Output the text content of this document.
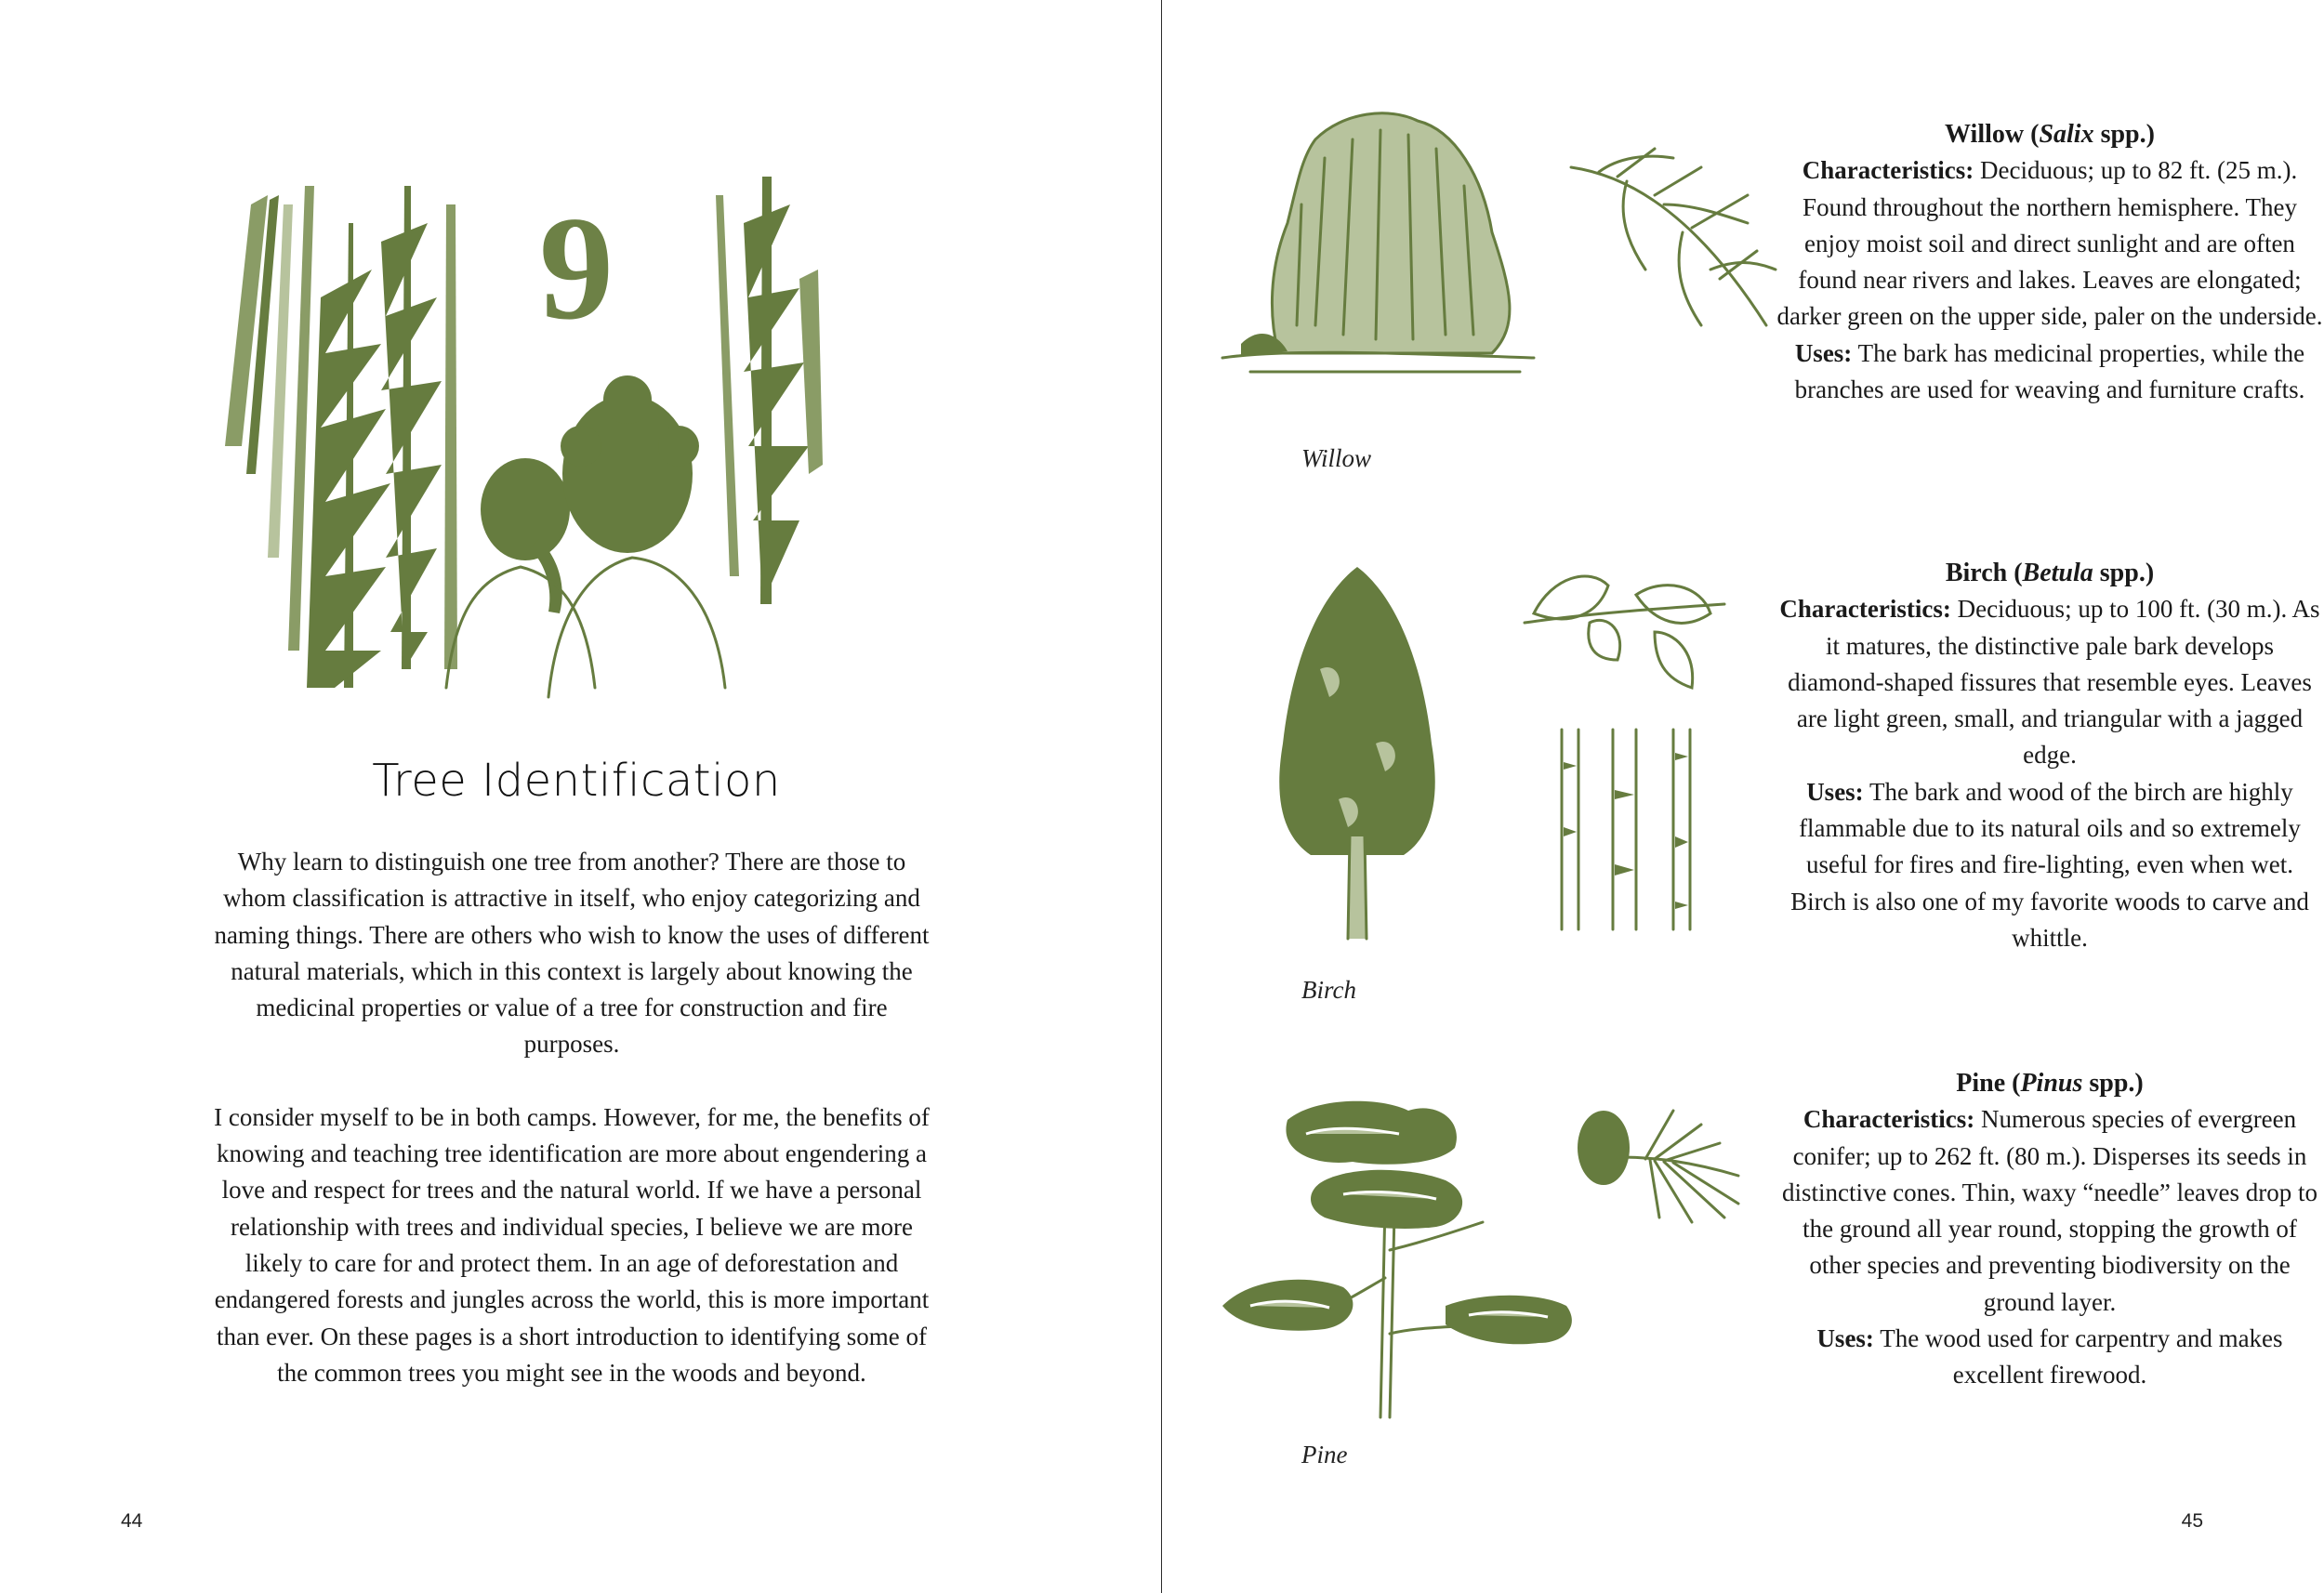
9
Tree Identification

Why learn to distinguish one tree from another? There are those to whom classification is attractive in itself, who enjoy categorizing and naming things. There are others who wish to know the uses of different natural materials, which in this context is largely about knowing the medicinal properties or value of a tree for construction and fire purposes.

I consider myself to be in both camps. However, for me, the benefits of knowing and teaching tree identification are more about engendering a love and respect for trees and the natural world. If we have a personal relationship with trees and individual species, I believe we are more likely to care for and protect them. In an age of deforestation and endangered forests and jungles across the world, this is more important than ever. On these pages is a short introduction to identifying some of the common trees you might see in the woods and beyond.

44
Willow
Willow (Salix spp.)
Characteristics: Deciduous; up to 82 ft. (25 m.). Found throughout the northern hemisphere. They enjoy moist soil and direct sunlight and are often found near rivers and lakes. Leaves are elongated; darker green on the upper side, paler on the underside.
Uses: The bark has medicinal properties, while the branches are used for weaving and furniture crafts.
Birch
Birch (Betula spp.)
Characteristics: Deciduous; up to 100 ft. (30 m.). As it matures, the distinctive pale bark develops diamond-shaped fissures that resemble eyes. Leaves are light green, small, and triangular with a jagged edge.
Uses: The bark and wood of the birch are highly flammable due to its natural oils and so extremely useful for fires and fire-lighting, even when wet. Birch is also one of my favorite woods to carve and whittle.
Pine
Pine (Pinus spp.)
Characteristics: Numerous species of evergreen conifer; up to 262 ft. (80 m.). Disperses its seeds in distinctive cones. Thin, waxy “needle” leaves drop to the ground all year round, stopping the growth of other species and preventing biodiversity on the ground layer.
Uses: The wood used for carpentry and makes excellent firewood.
45
